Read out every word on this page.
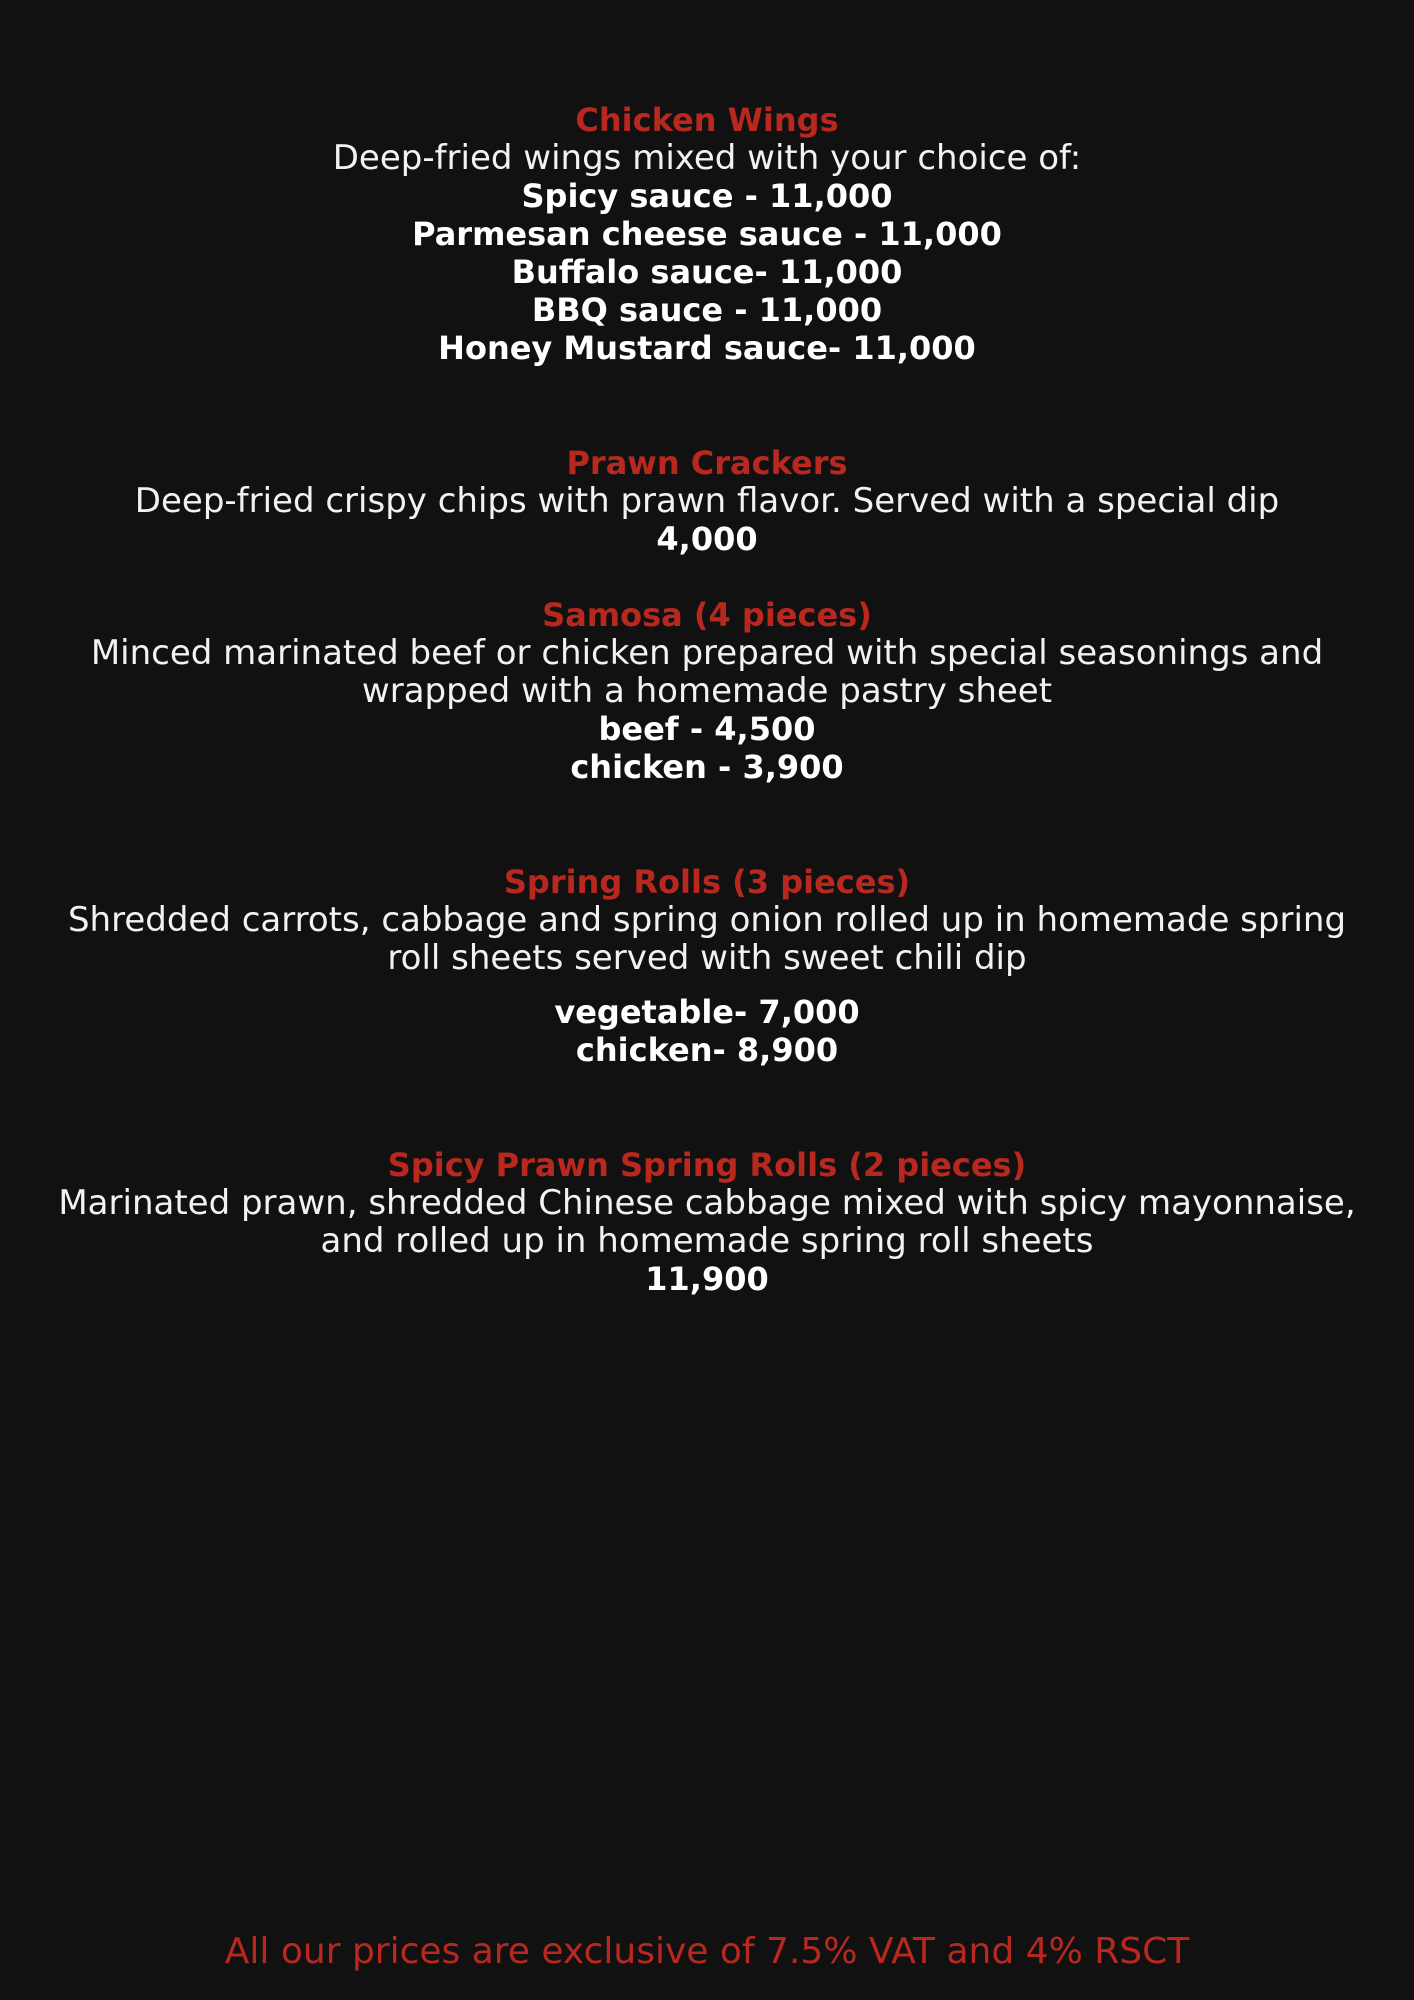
Chicken Wings
Deep-fried wings mixed with your choice of:
Spicy sauce - 11,000
Parmesan cheese sauce - 11,000
Buffalo sauce- 11,000
BBQ sauce - 11,000
Honey Mustard sauce- 11,000
Prawn Crackers
Deep-fried crispy chips with prawn flavor. Served with a special dip
4,000
Samosa (4 pieces)
Minced marinated beef or chicken prepared with special seasonings and
wrapped with a homemade pastry sheet
beef - 4,500
chicken - 3,900
Spring Rolls (3 pieces)
Shredded carrots, cabbage and spring onion rolled up in homemade spring
roll sheets served with sweet chili dip
vegetable- 7,000
chicken- 8,900
Spicy Prawn Spring Rolls (2 pieces)
Marinated prawn, shredded Chinese cabbage mixed with spicy mayonnaise,
and rolled up in homemade spring roll sheets
11,900
All our prices are exclusive of 7.5% VAT and 4% RSCT
